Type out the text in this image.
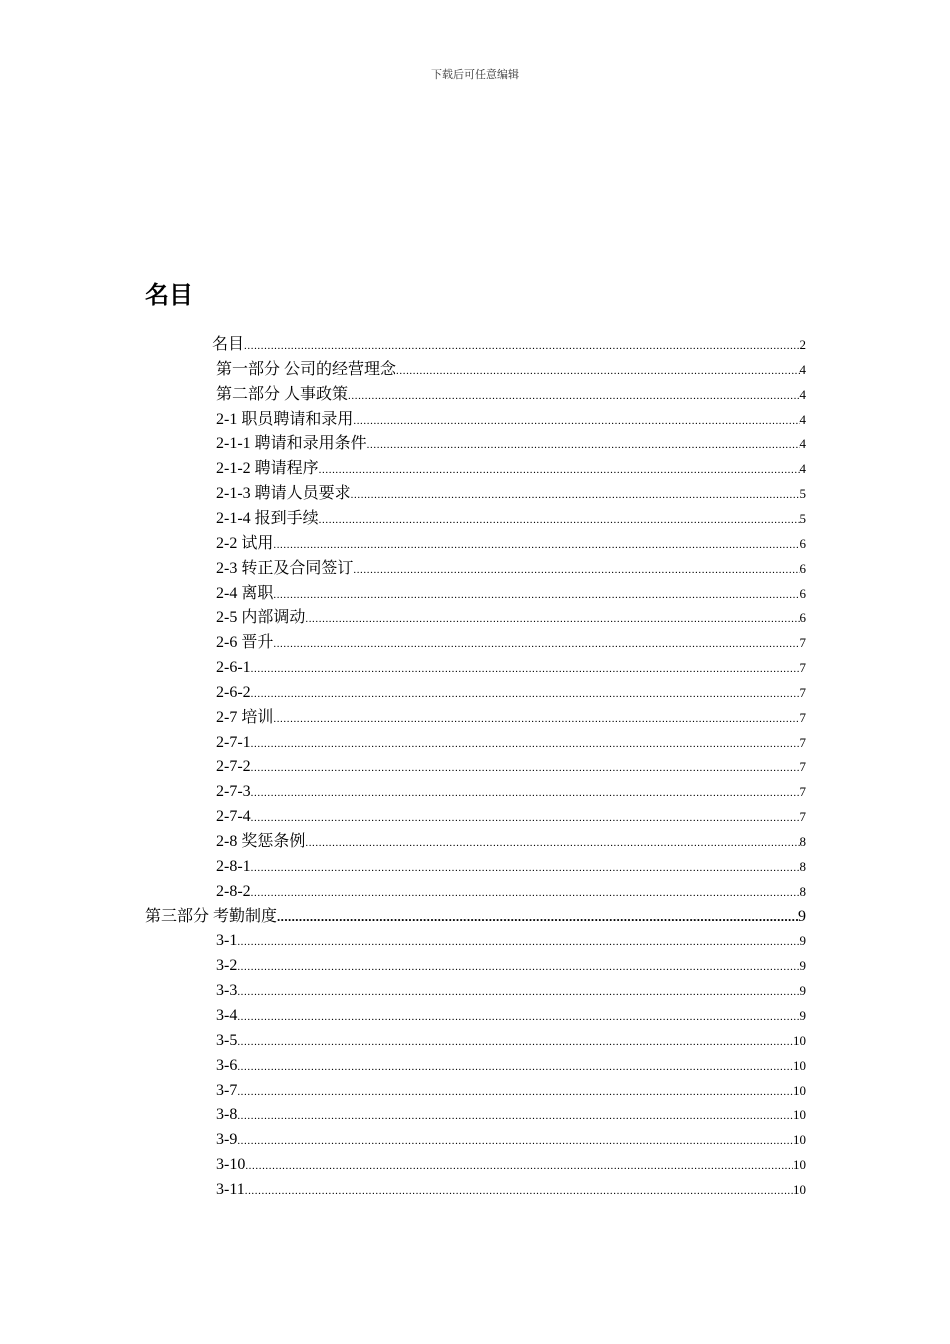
下载后可任意编辑
名目
名目 .....	2
第一部分 公司的经营理念 .....	4
第二部分 人事政策 .....	4
2-1 职员聘请和录用 .....	4
2-1-1 聘请和录用条件 .....	4
2-1-2 聘请程序 .....	4
2-1-3 聘请人员要求 .....	5
2-1-4 报到手续 .....	5
2-2 试用 .....	6
2-3 转正及合同签订 .....	6
2-4 离职 .....	6
2-5 内部调动 .....	6
2-6 晋升 .....	7
2-6-1 .....	7
2-6-2 .....	7
2-7 培训 .....	7
2-7-1 .....	7
2-7-2 .....	7
2-7-3 .....	7
2-7-4 .....	7
2-8 奖惩条例 .....	8
2-8-1 .....	8
2-8-2 .....	8
第三部分 考勤制度 .....	9
3-1 .....	9
3-2 .....	9
3-3 .....	9
3-4 .....	9
3-5 .....	10
3-6 .....	10
3-7 .....	10
3-8 .....	10
3-9 .....	10
3-10 .....	10
3-11 .....	10
